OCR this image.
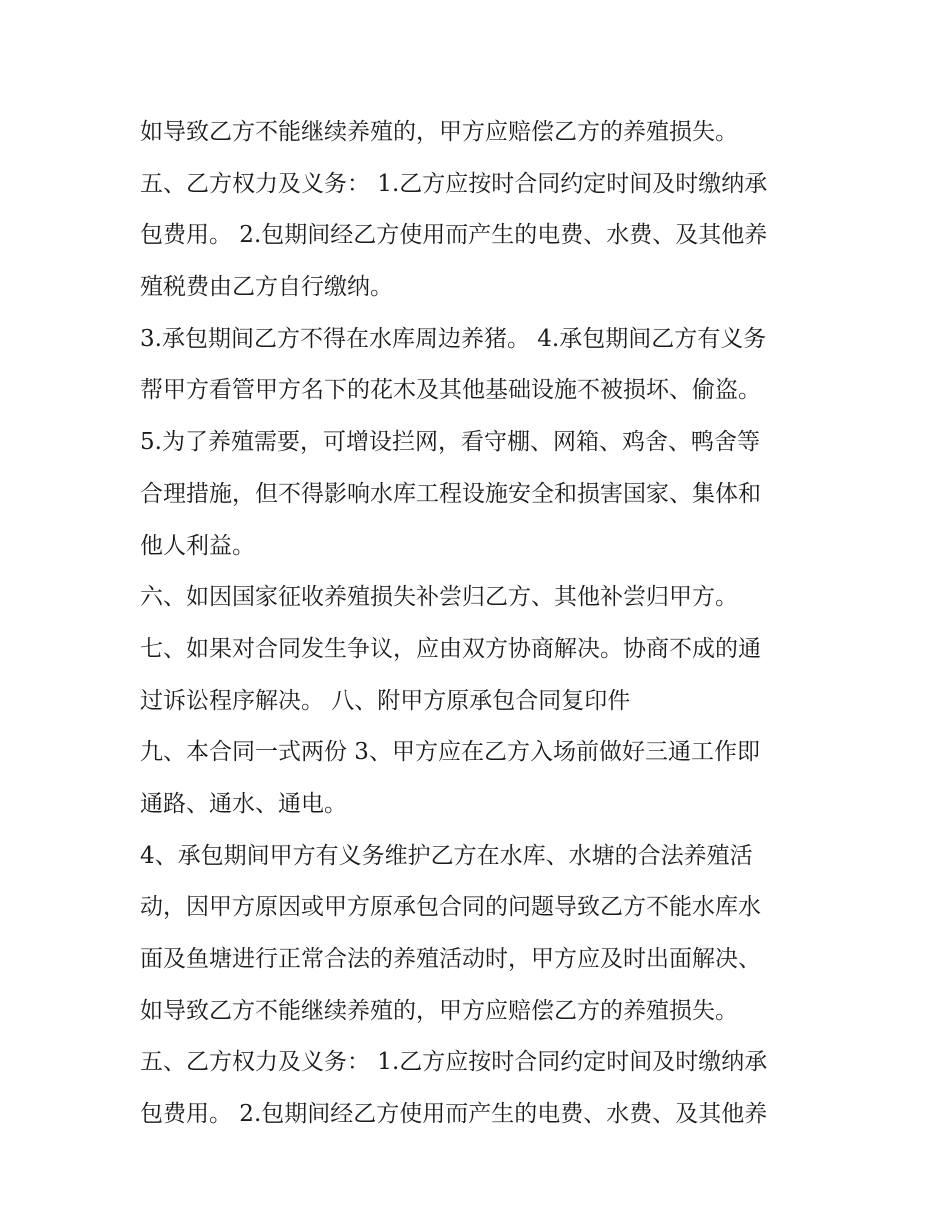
如导致乙方不能继续养殖的，甲方应赔偿乙方的养殖损失。
五、乙方权力及义务： 1.乙方应按时合同约定时间及时缴纳承
包费用。 2.包期间经乙方使用而产生的电费、水费、及其他养
殖税费由乙方自行缴纳。
3.承包期间乙方不得在水库周边养猪。 4.承包期间乙方有义务
帮甲方看管甲方名下的花木及其他基础设施不被损坏、偷盗。
5.为了养殖需要，可增设拦网，看守棚、网箱、鸡舍、鸭舍等
合理措施，但不得影响水库工程设施安全和损害国家、集体和
他人利益。
六、如因国家征收养殖损失补尝归乙方、其他补尝归甲方。
七、如果对合同发生争议，应由双方协商解决。协商不成的通
过诉讼程序解决。 八、附甲方原承包合同复印件
九、本合同一式两份 3、甲方应在乙方入场前做好三通工作即
通路、通水、通电。
4、承包期间甲方有义务维护乙方在水库、水塘的合法养殖活
动，因甲方原因或甲方原承包合同的问题导致乙方不能水库水
面及鱼塘进行正常合法的养殖活动时，甲方应及时出面解决、
如导致乙方不能继续养殖的，甲方应赔偿乙方的养殖损失。
五、乙方权力及义务： 1.乙方应按时合同约定时间及时缴纳承
包费用。 2.包期间经乙方使用而产生的电费、水费、及其他养
